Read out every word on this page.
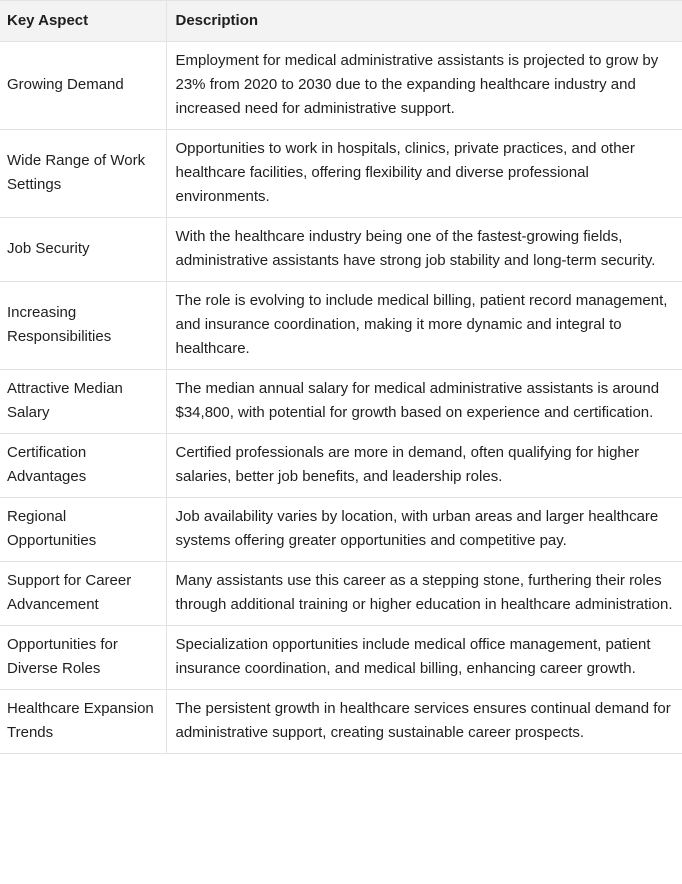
Key Aspect	Description
Growing Demand	Employment for medical administrative assistants is projected to grow by 23% from 2020 to 2030 due to the expanding healthcare industry and increased need for administrative support.
Wide Range of Work Settings	Opportunities to work in hospitals, clinics, private practices, and other healthcare facilities, offering flexibility and diverse professional environments.
Job Security	With the healthcare industry being one of the fastest-growing fields, administrative assistants have strong job stability and long-term security.
Increasing Responsibilities	The role is evolving to include medical billing, patient record management, and insurance coordination, making it more dynamic and integral to healthcare.
Attractive Median Salary	The median annual salary for medical administrative assistants is around $34,800, with potential for growth based on experience and certification.
Certification Advantages	Certified professionals are more in demand, often qualifying for higher salaries, better job benefits, and leadership roles.
Regional Opportunities	Job availability varies by location, with urban areas and larger healthcare systems offering greater opportunities and competitive pay.
Support for Career Advancement	Many assistants use this career as a stepping stone, furthering their roles through additional training or higher education in healthcare administration.
Opportunities for Diverse Roles	Specialization opportunities include medical office management, patient insurance coordination, and medical billing, enhancing career growth.
Healthcare Expansion Trends	The persistent growth in healthcare services ensures continual demand for administrative support, creating sustainable career prospects.
